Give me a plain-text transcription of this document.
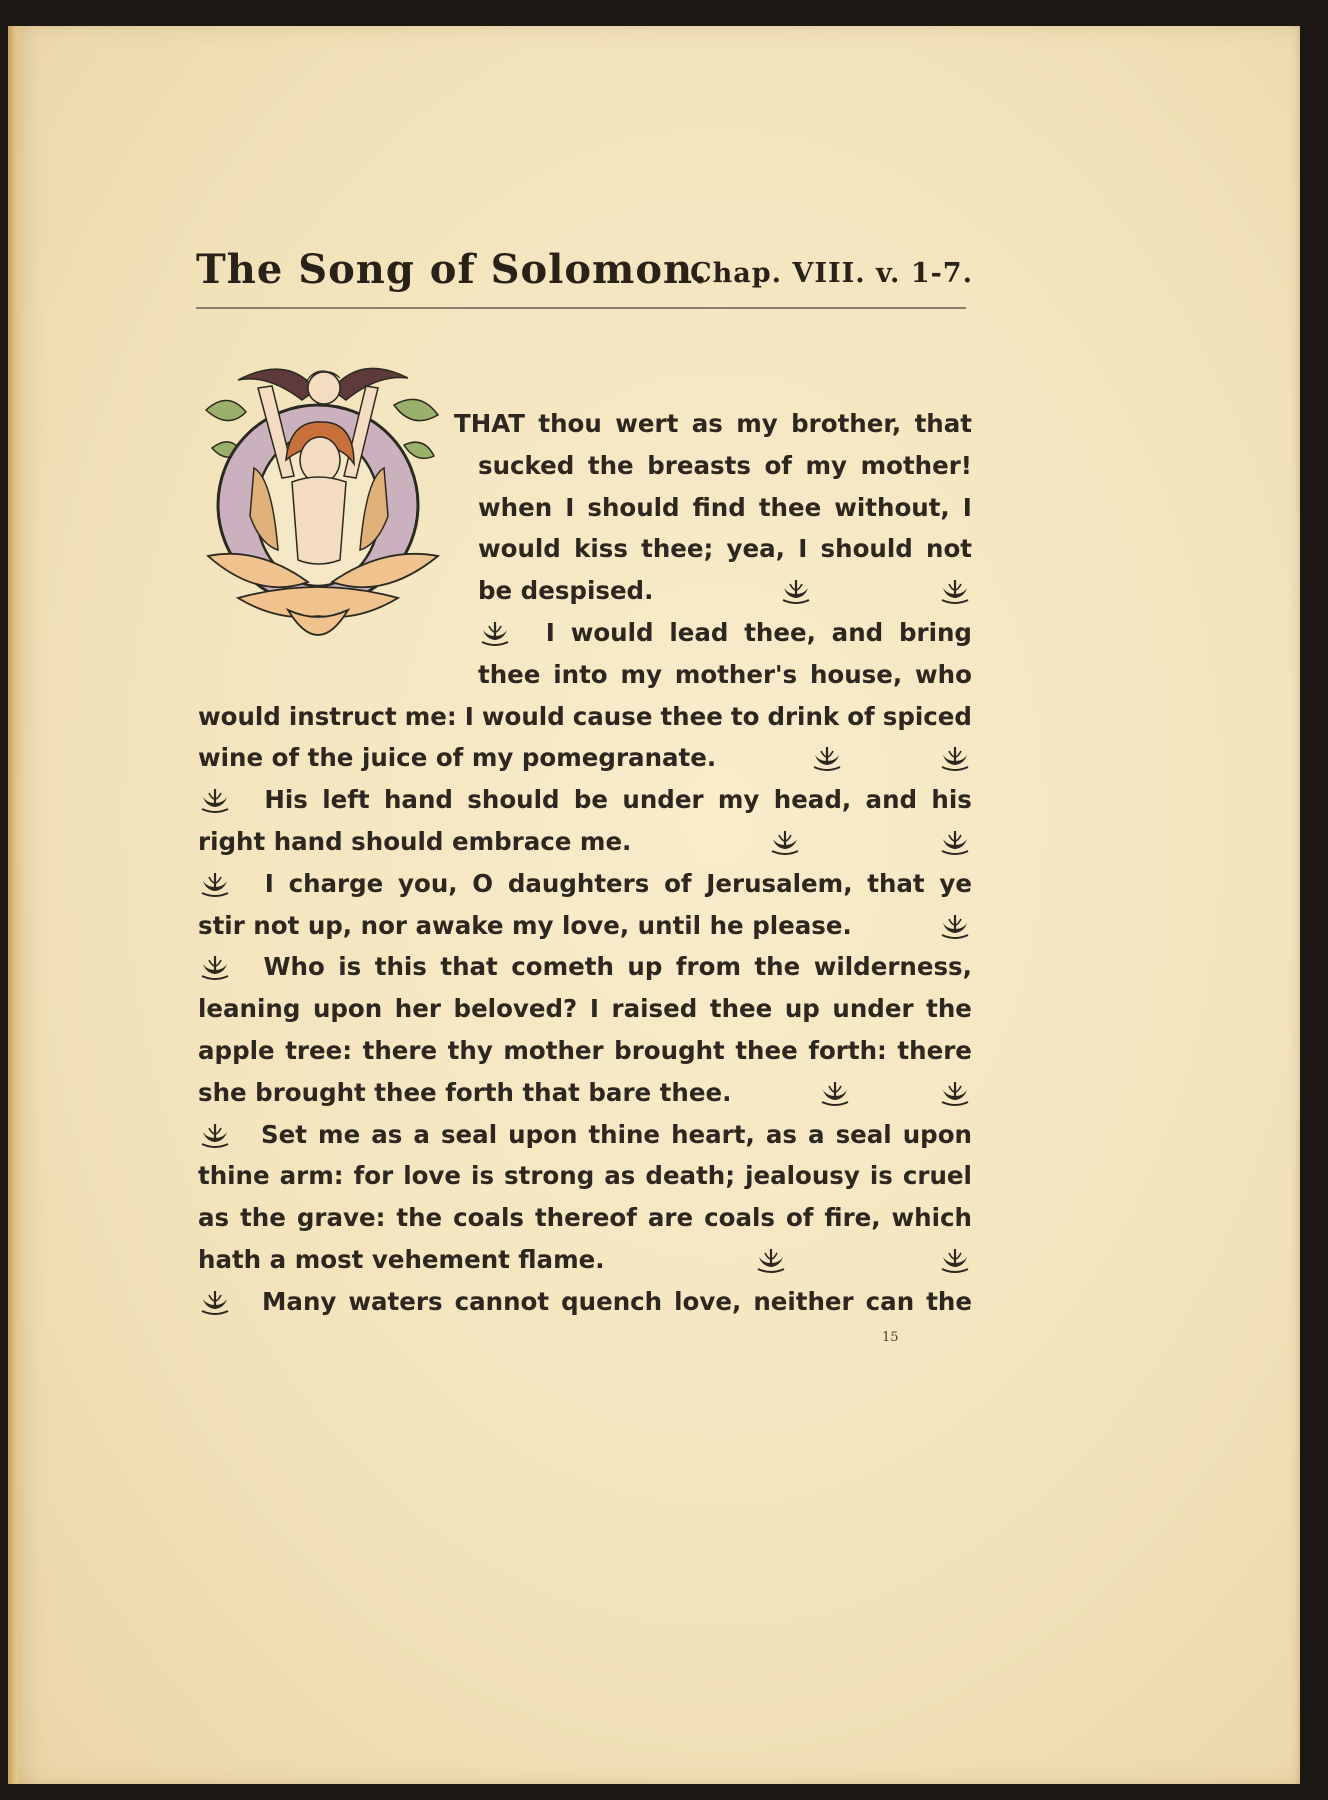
The Song of Solomon.
Chap. VIII. v. 1-7.
THAT thou wert as my brother, that
sucked the breasts of my mother!
when I should find thee without, I
would kiss thee; yea, I should not
be despised.
I would lead thee, and bring
thee into my mother's house, who
would instruct me: I would cause thee to drink of spiced
wine of the juice of my pomegranate.
His left hand should be under my head, and his
right hand should embrace me.
I charge you, O daughters of Jerusalem, that ye
stir not up, nor awake my love, until he please.
Who is this that cometh up from the wilderness,
leaning upon her beloved? I raised thee up under the
apple tree: there thy mother brought thee forth: there
she brought thee forth that bare thee.
Set me as a seal upon thine heart, as a seal upon
thine arm: for love is strong as death; jealousy is cruel
as the grave: the coals thereof are coals of fire, which
hath a most vehement flame.
Many waters cannot quench love, neither can the
15
